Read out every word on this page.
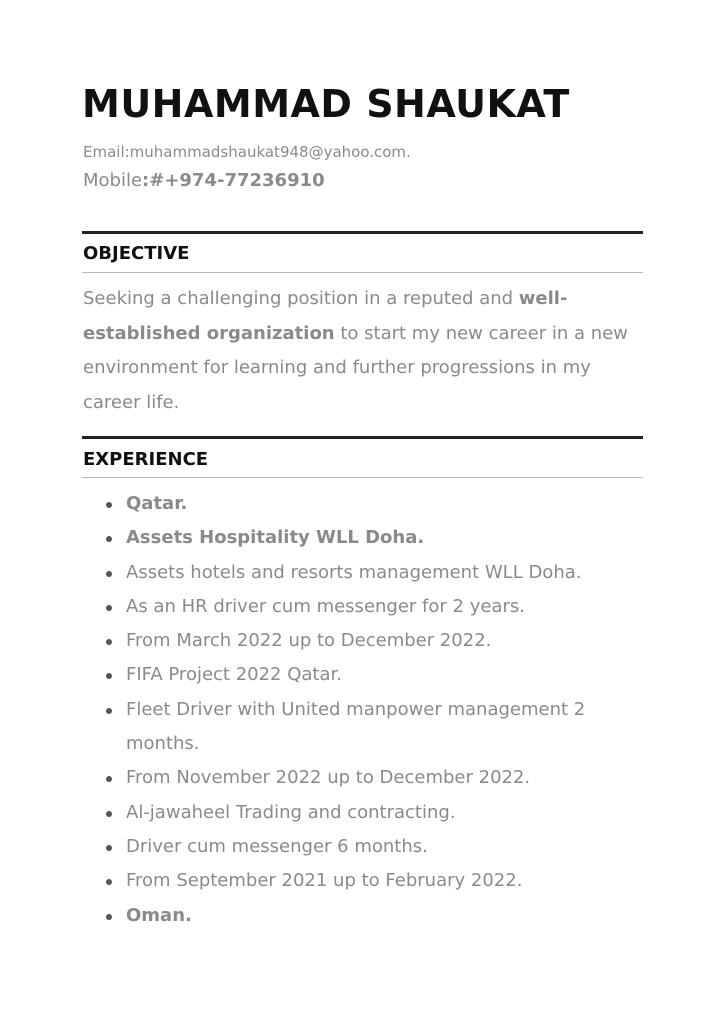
MUHAMMAD SHAUKAT
Email:muhammadshaukat948@yahoo.com.
Mobile:#+974-77236910
OBJECTIVE

Seeking a challenging position in a reputed and well-established organization to start my new career in a new environment for learning and further progressions in my career life.

EXPERIENCE
Qatar.
Assets Hospitality WLL Doha.
Assets hotels and resorts management WLL Doha.
As an HR driver cum messenger for 2 years.
From March 2022 up to December 2022.
FIFA Project 2022 Qatar.
Fleet Driver with United manpower management 2 months.
From November 2022 up to December 2022.
Al-jawaheel Trading and contracting.
Driver cum messenger 6 months.
From September 2021 up to February 2022.
Oman.
